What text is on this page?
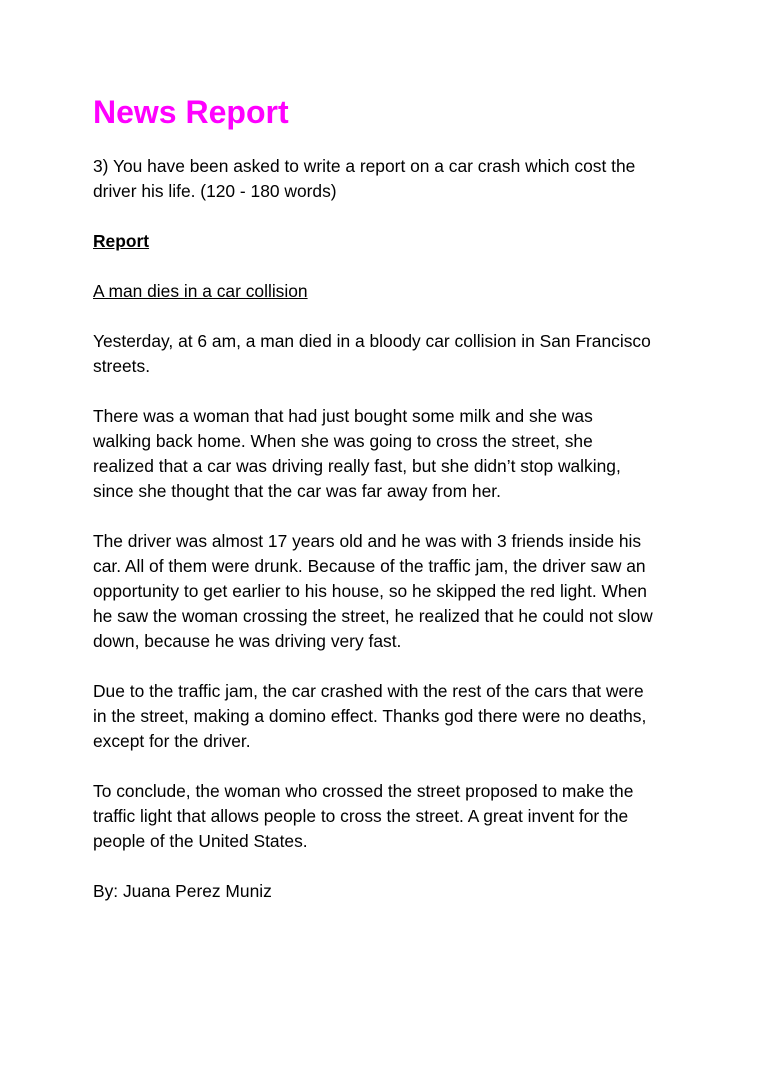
News Report

3) You have been asked to write a report on a car crash which cost the
driver his life. (120 - 180 words)

Report

A man dies in a car collision

Yesterday, at 6 am, a man died in a bloody car collision in San Francisco
streets.

There was a woman that had just bought some milk and she was
walking back home. When she was going to cross the street, she
realized that a car was driving really fast, but she didn’t stop walking,
since she thought that the car was far away from her.

The driver was almost 17 years old and he was with 3 friends inside his
car. All of them were drunk. Because of the traffic jam, the driver saw an
opportunity to get earlier to his house, so he skipped the red light. When
he saw the woman crossing the street, he realized that he could not slow
down, because he was driving very fast.

Due to the traffic jam, the car crashed with the rest of the cars that were
in the street, making a domino effect. Thanks god there were no deaths,
except for the driver.

To conclude, the woman who crossed the street proposed to make the
traffic light that allows people to cross the street. A great invent for the
people of the United States.

By: Juana Perez Muniz
